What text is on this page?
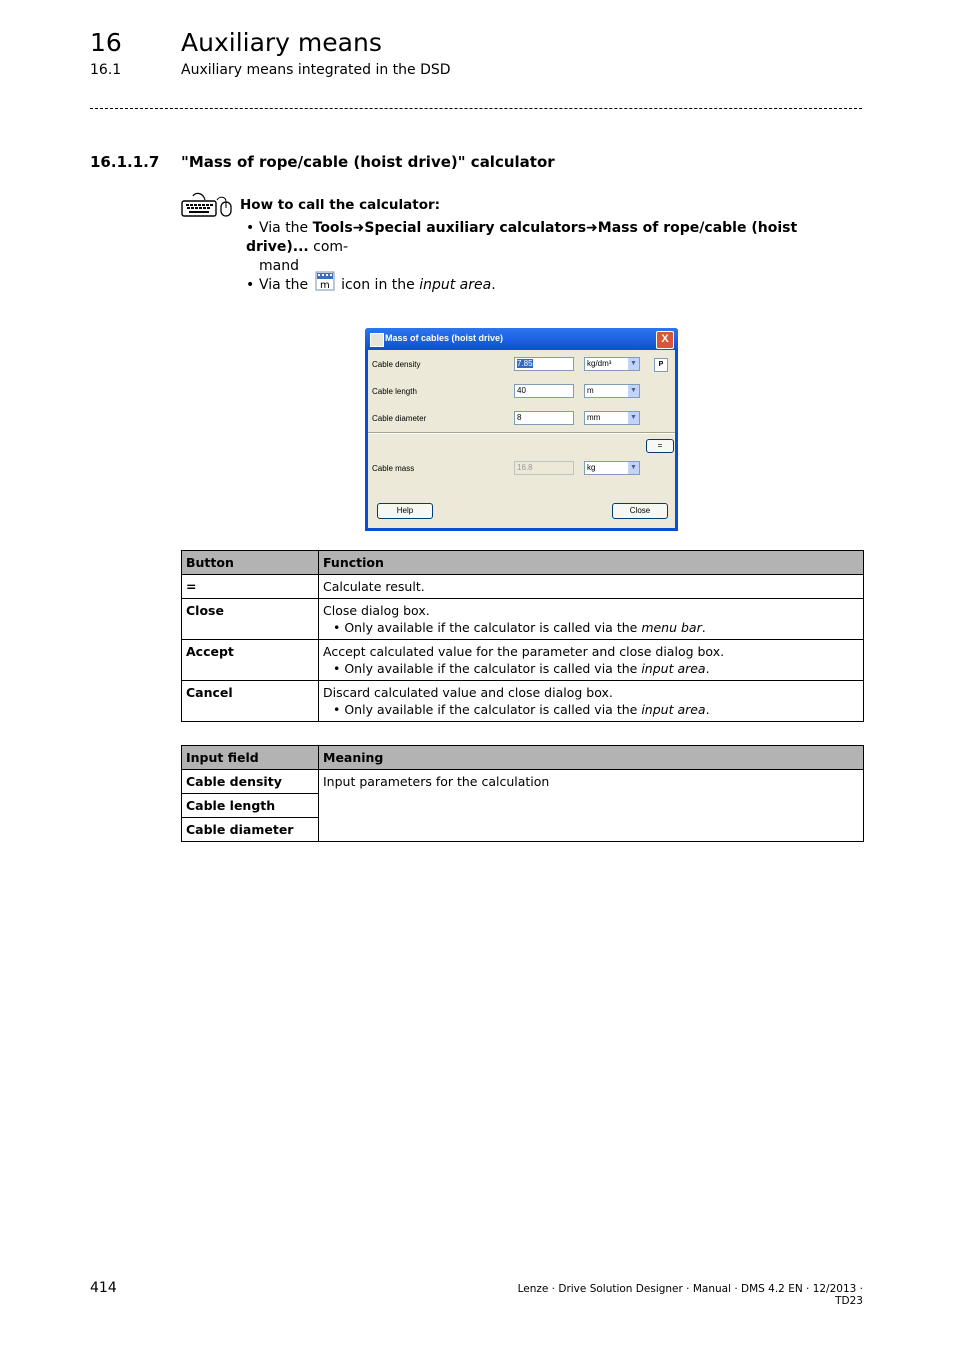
16 Auxiliary means
16.1	Auxiliary means integrated in the DSD
16.1.1.7 "Mass of rope/cable (hoist drive)" calculator
How to call the calculator:
• Via the Tools➜Special auxiliary calculators➜Mass of rope/cable (hoist drive)... com-
mand
• Via the m icon in the input area.
Mass of cables (hoist drive)	X
Cable density	7.85	kg/dm³	▼	P
Cable length	40	m	▼
Cable diameter	8	mm	▼
=
Cable mass	16.8	kg	▼
Help	Close
Button	Function
=	Calculate result.
Close	Close dialog box.
• Only available if the calculator is called via the menu bar.

Accept	Accept calculated value for the parameter and close dialog box.
• Only available if the calculator is called via the input area.

Cancel	Discard calculated value and close dialog box.
• Only available if the calculator is called via the input area.
Input field	Meaning
Cable density	Input parameters for the calculation
Cable length	
Cable diameter	
414	Lenze · Drive Solution Designer · Manual · DMS 4.2 EN · 12/2013 · TD23
